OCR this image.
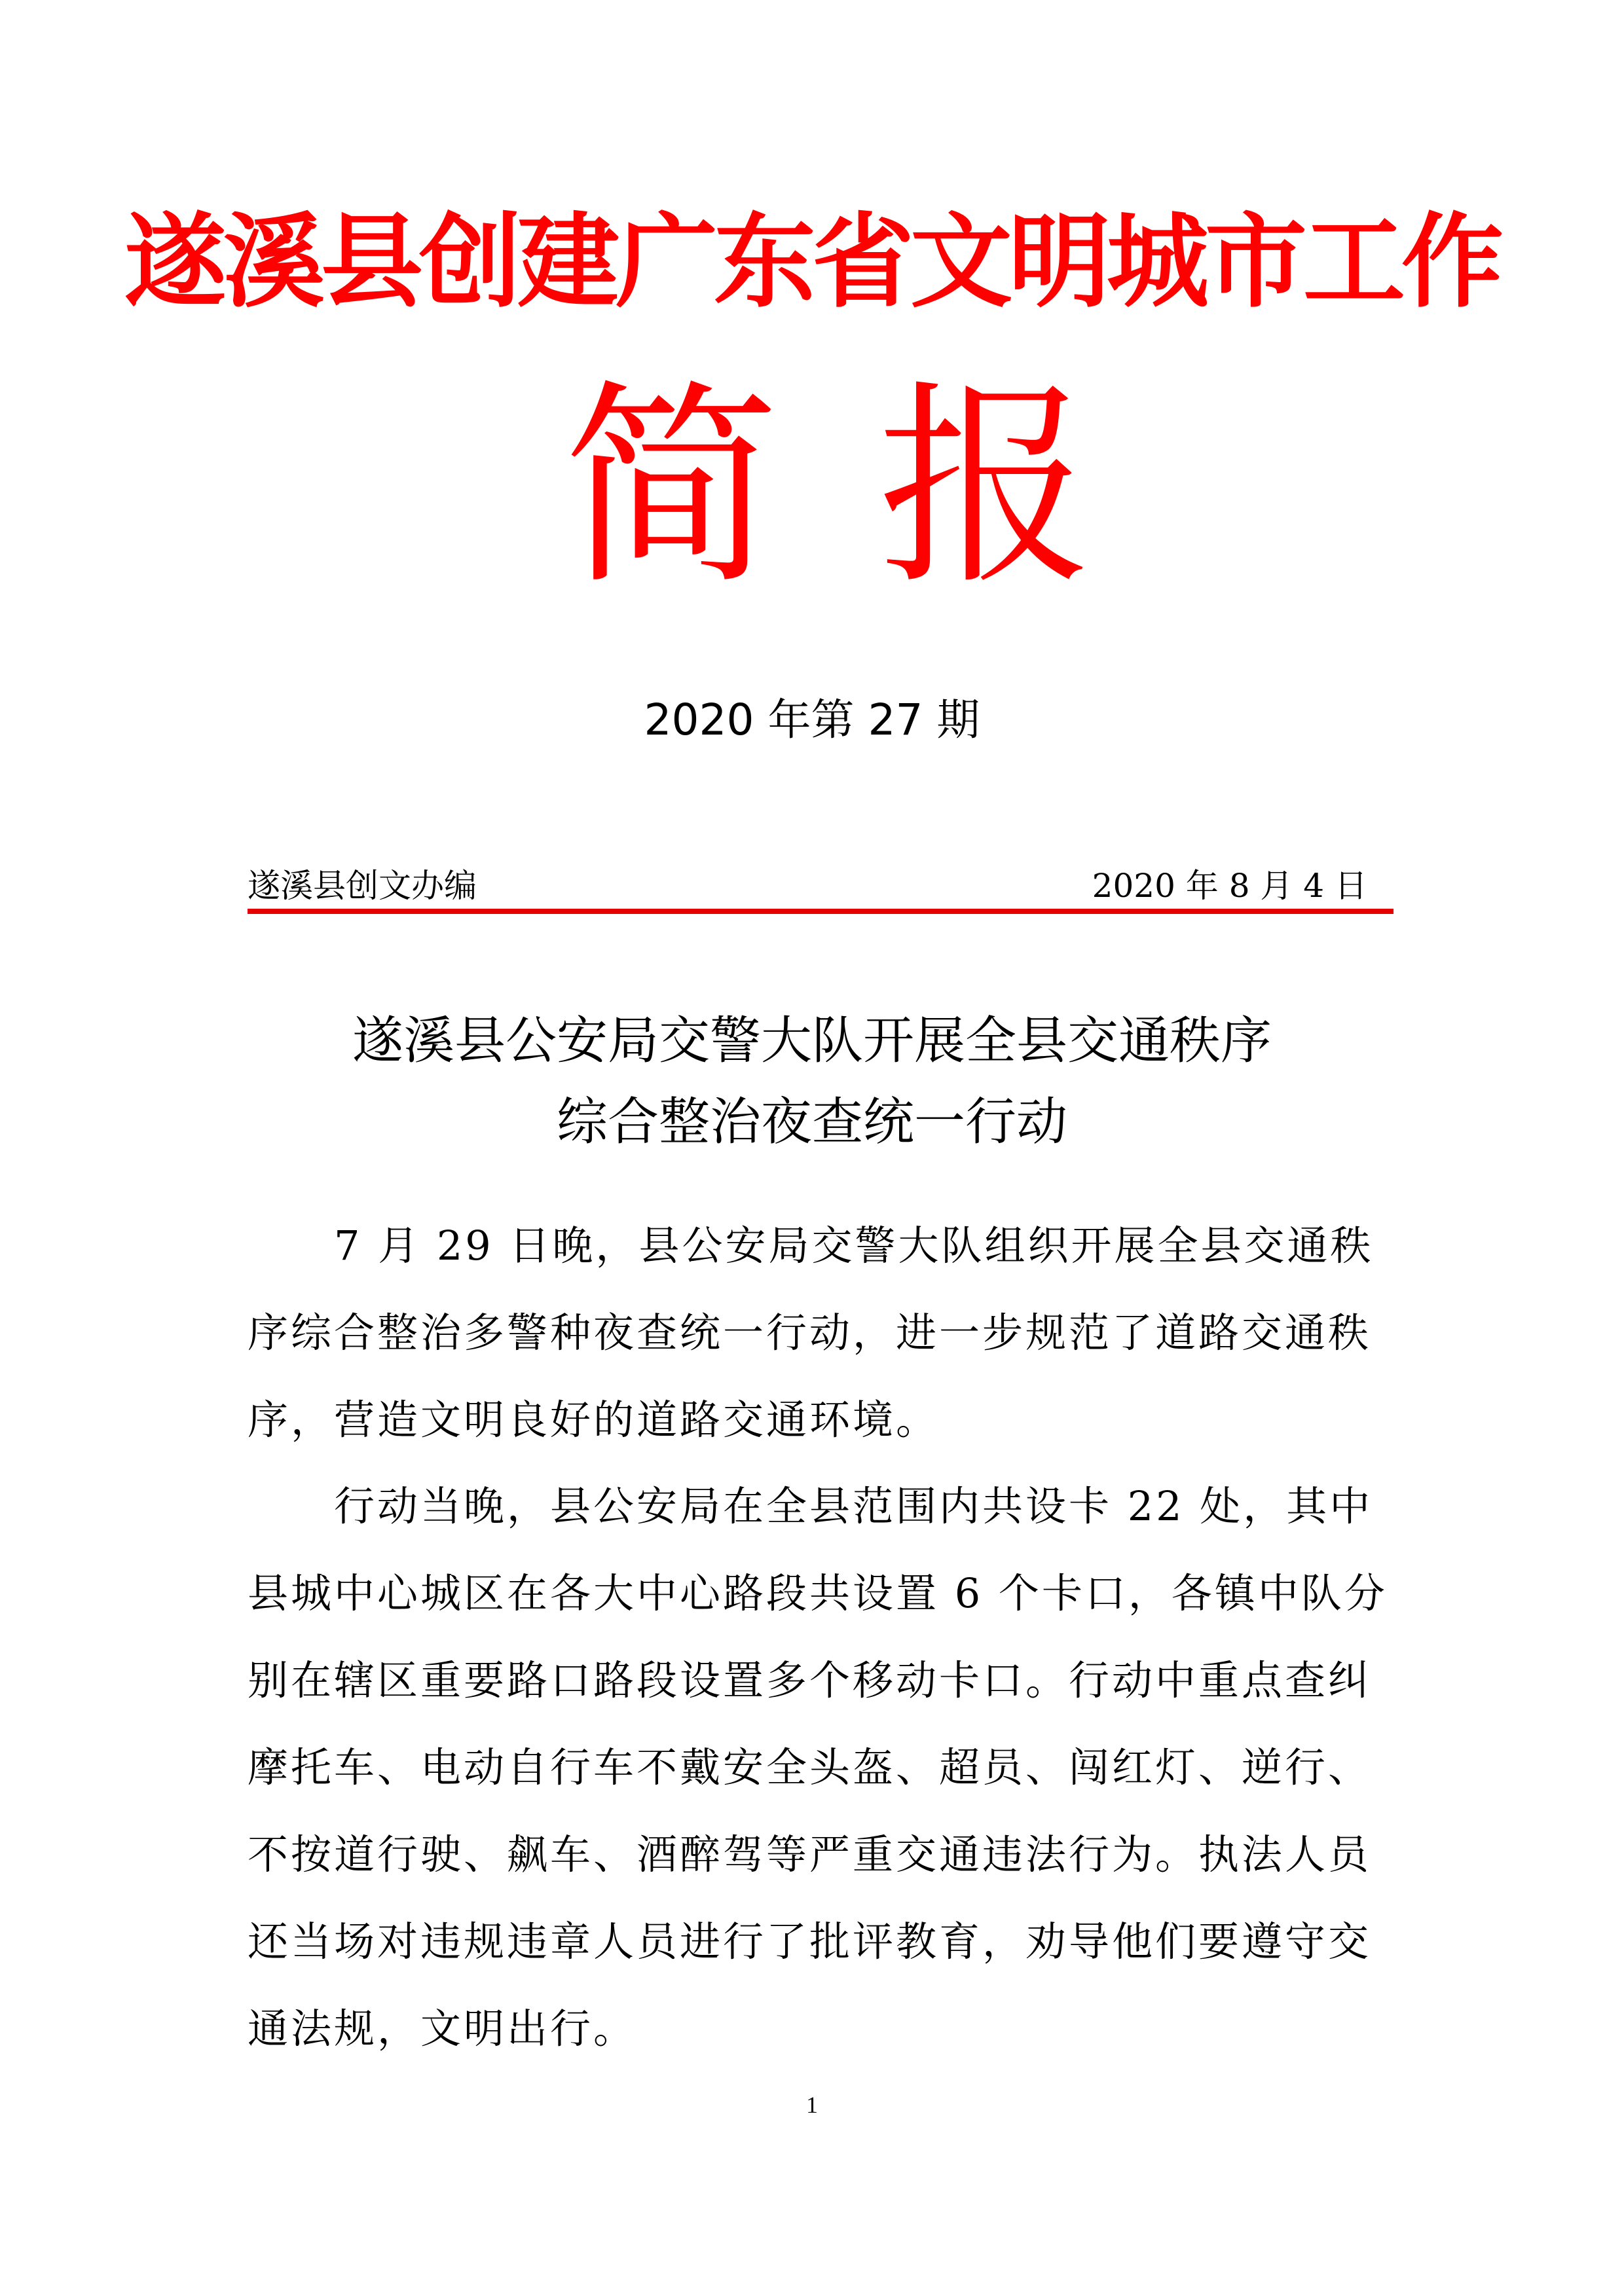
遂溪县创建广东省文明城市工作
简 报
2020 年第 27 期
遂溪县创文办编	2020 年 8 月 4 日
遂溪县公安局交警大队开展全县交通秩序
综合整治夜查统一行动
　　7 月 29 日晚，县公安局交警大队组织开展全县交通秩
序综合整治多警种夜查统一行动，进一步规范了道路交通秩
序，营造文明良好的道路交通环境。
　　行动当晚，县公安局在全县范围内共设卡 22 处，其中
县城中心城区在各大中心路段共设置 6 个卡口，各镇中队分
别在辖区重要路口路段设置多个移动卡口。行动中重点查纠
摩托车、电动自行车不戴安全头盔、超员、闯红灯、逆行、
不按道行驶、飙车、酒醉驾等严重交通违法行为。执法人员
还当场对违规违章人员进行了批评教育，劝导他们要遵守交
通法规，文明出行。
1
